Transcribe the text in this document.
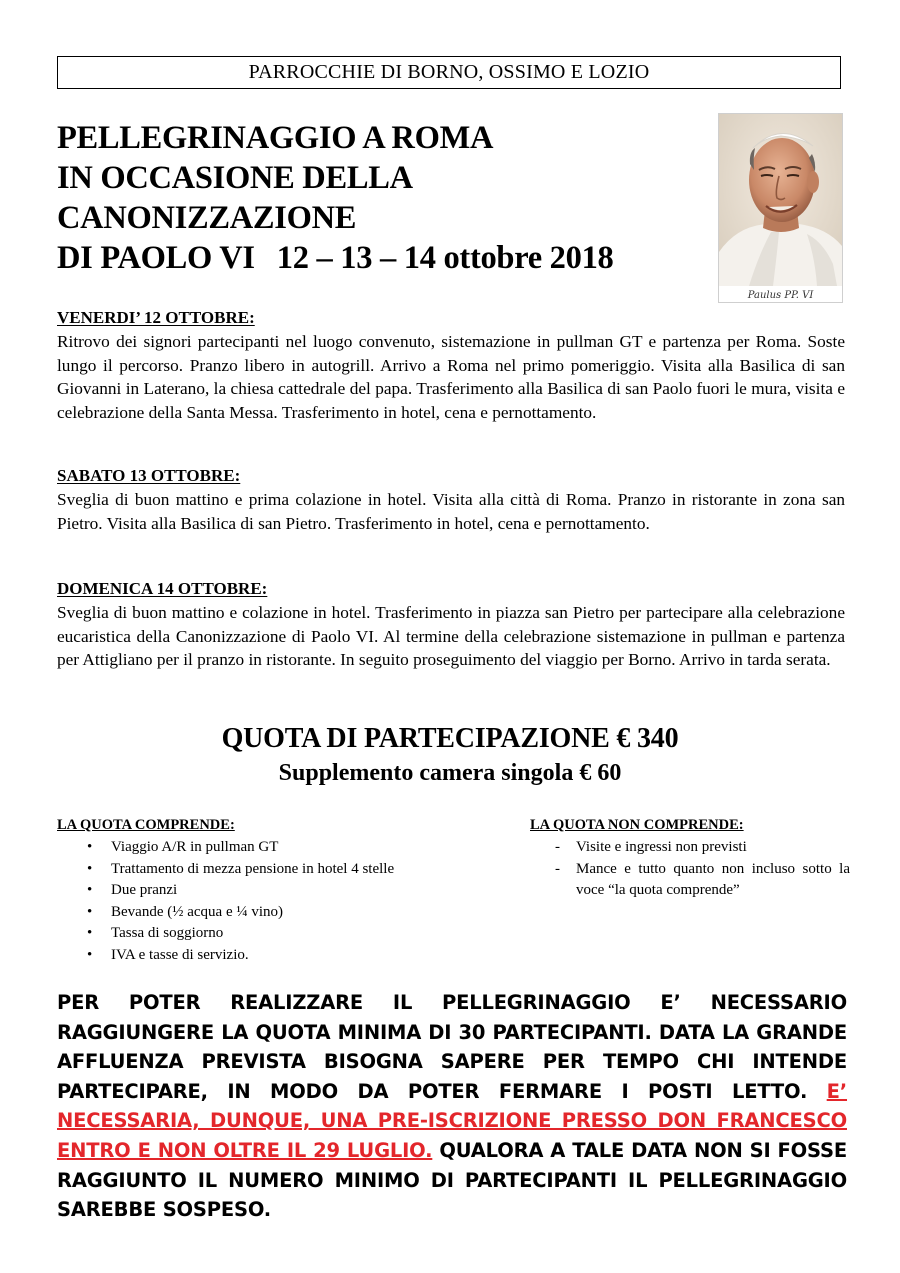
PARROCCHIE DI BORNO, OSSIMO E LOZIO
PELLEGRINAGGIO A ROMA
IN OCCASIONE DELLA
CANONIZZAZIONE
DI PAOLO VI 12 – 13 – 14 ottobre 2018
Paulus PP. VI
VENERDI’ 12 OTTOBRE:
Ritrovo dei signori partecipanti nel luogo convenuto, sistemazione in pullman GT e partenza per Roma. Soste lungo il percorso. Pranzo libero in autogrill. Arrivo a Roma nel primo pomeriggio. Visita alla Basilica di san Giovanni in Laterano, la chiesa cattedrale del papa. Trasferimento alla Basilica di san Paolo fuori le mura, visita e celebrazione della Santa Messa. Trasferimento in hotel, cena e pernottamento.
SABATO 13 OTTOBRE:
Sveglia di buon mattino e prima colazione in hotel. Visita alla città di Roma. Pranzo in ristorante in zona san Pietro. Visita alla Basilica di san Pietro. Trasferimento in hotel, cena e pernottamento.
DOMENICA 14 OTTOBRE:
Sveglia di buon mattino e colazione in hotel. Trasferimento in piazza san Pietro per partecipare alla celebrazione eucaristica della Canonizzazione di Paolo VI. Al termine della celebrazione sistemazione in pullman e partenza per Attigliano per il pranzo in ristorante. In seguito proseguimento del viaggio per Borno. Arrivo in tarda serata.
QUOTA DI PARTECIPAZIONE € 340
Supplemento camera singola € 60
LA QUOTA COMPRENDE:
• Viaggio A/R in pullman GT
• Trattamento di mezza pensione in hotel 4 stelle
• Due pranzi
• Bevande (½ acqua e ¼ vino)
• Tassa di soggiorno
• IVA e tasse di servizio.
LA QUOTA NON COMPRENDE:
- Visite e ingressi non previsti
- Mance e tutto quanto non incluso sotto la voce “la quota comprende”
PER POTER REALIZZARE IL PELLEGRINAGGIO E’ NECESSARIO RAGGIUNGERE LA QUOTA MINIMA DI 30 PARTECIPANTI. DATA LA GRANDE AFFLUENZA PREVISTA BISOGNA SAPERE PER TEMPO CHI INTENDE PARTECIPARE, IN MODO DA POTER FERMARE I POSTI LETTO. E’ NECESSARIA, DUNQUE, UNA PRE-ISCRIZIONE PRESSO DON FRANCESCO ENTRO E NON OLTRE IL 29 LUGLIO. QUALORA A TALE DATA NON SI FOSSE RAGGIUNTO IL NUMERO MINIMO DI PARTECIPANTI IL PELLEGRINAGGIO SAREBBE SOSPESO.
